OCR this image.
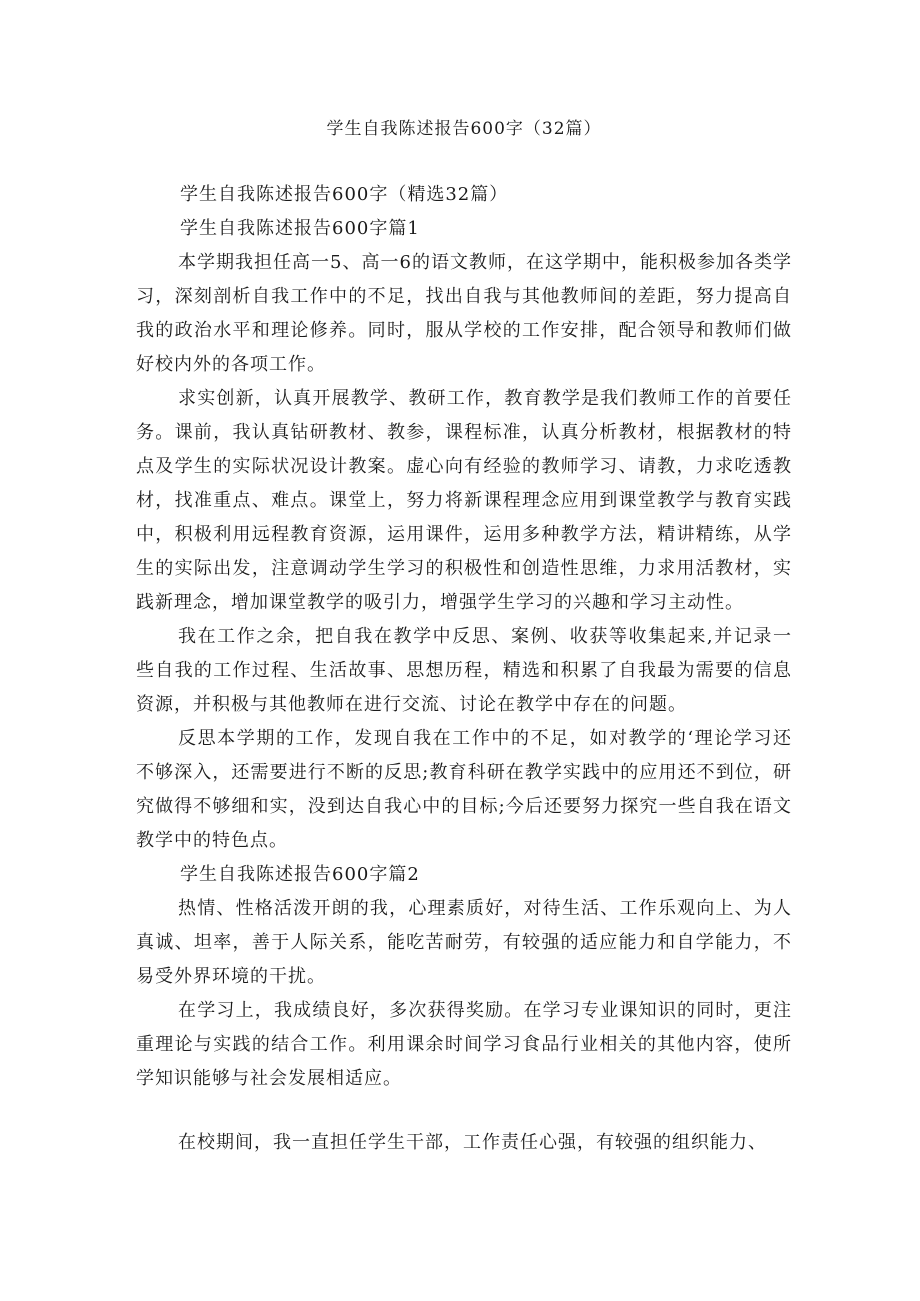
学生自我陈述报告600字（32篇）
学生自我陈述报告600字（精选32篇）
学生自我陈述报告600字篇1

本学期我担任高一5、高一6的语文教师，在这学期中，能积极参加各类学习，深刻剖析自我工作中的不足，找出自我与其他教师间的差距，努力提高自我的政治水平和理论修养。同时，服从学校的工作安排，配合领导和教师们做好校内外的各项工作。

求实创新，认真开展教学、教研工作，教育教学是我们教师工作的首要任务。课前，我认真钻研教材、教参，课程标准，认真分析教材，根据教材的特点及学生的实际状况设计教案。虚心向有经验的教师学习、请教，力求吃透教材，找准重点、难点。课堂上，努力将新课程理念应用到课堂教学与教育实践中，积极利用远程教育资源，运用课件，运用多种教学方法，精讲精练，从学生的实际出发，注意调动学生学习的积极性和创造性思维，力求用活教材，实践新理念，增加课堂教学的吸引力，增强学生学习的兴趣和学习主动性。

我在工作之余，把自我在教学中反思、案例、收获等收集起来,并记录一些自我的工作过程、生活故事、思想历程，精选和积累了自我最为需要的信息资源，并积极与其他教师在进行交流、讨论在教学中存在的问题。

反思本学期的工作，发现自我在工作中的不足，如对教学的‘理论学习还不够深入，还需要进行不断的反思;教育科研在教学实践中的应用还不到位，研究做得不够细和实，没到达自我心中的目标;今后还要努力探究一些自我在语文教学中的特色点。

学生自我陈述报告600字篇2

热情、性格活泼开朗的我，心理素质好，对待生活、工作乐观向上、为人真诚、坦率，善于人际关系，能吃苦耐劳，有较强的适应能力和自学能力，不易受外界环境的干扰。

在学习上，我成绩良好，多次获得奖励。在学习专业课知识的同时，更注重理论与实践的结合工作。利用课余时间学习食品行业相关的其他内容，使所学知识能够与社会发展相适应。

在校期间，我一直担任学生干部，工作责任心强，有较强的组织能力、
